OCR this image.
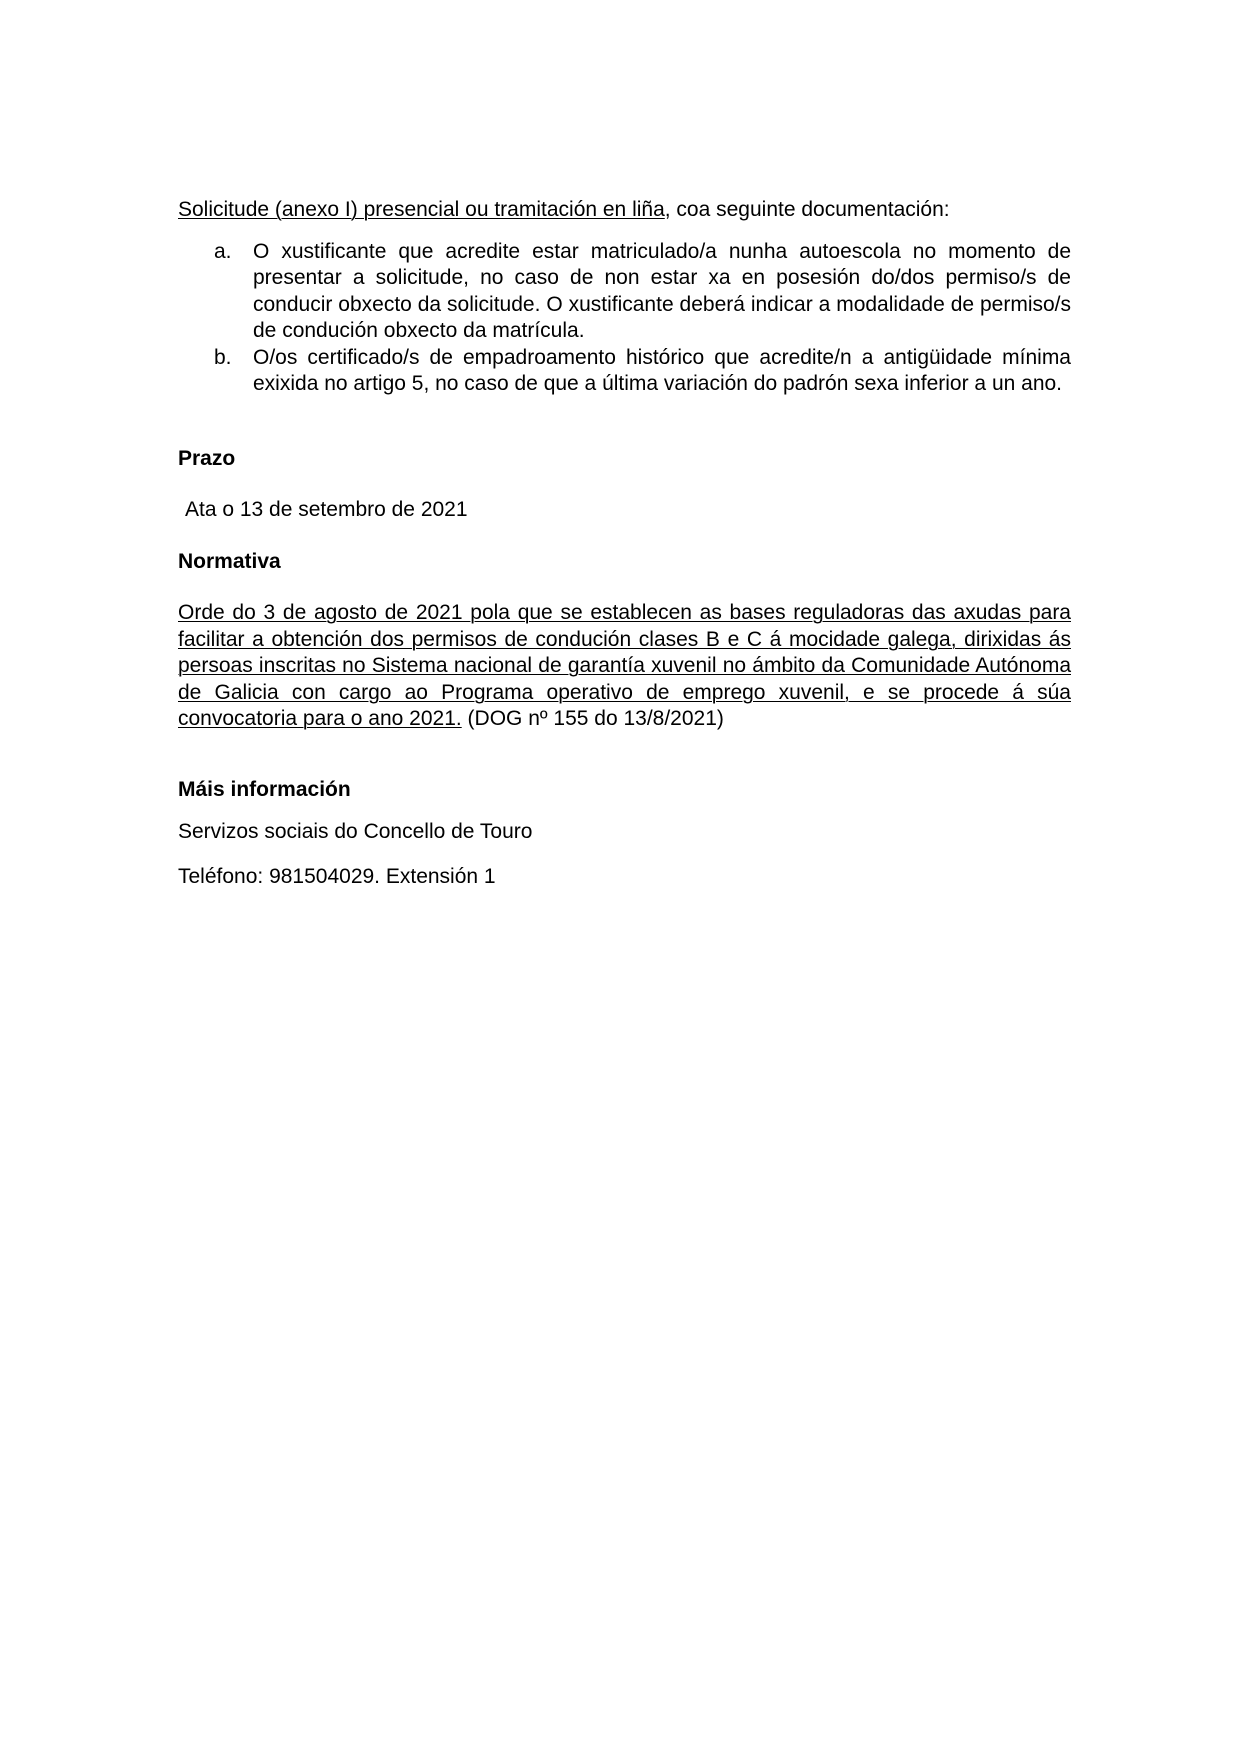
Solicitude (anexo I) presencial ou tramitación en liña, coa seguinte documentación:

a. O xustificante que acredite estar matriculado/a nunha autoescola no momento de presentar a solicitude, no caso de non estar xa en posesión do/dos permiso/s de conducir obxecto da solicitude. O xustificante deberá indicar a modalidade de permiso/s de condución obxecto da matrícula.
b. O/os certificado/s de empadroamento histórico que acredite/n a antigüidade mínima exixida no artigo 5, no caso de que a última variación do padrón sexa inferior a un ano.
Prazo

Ata o 13 de setembro de 2021

Normativa

Orde do 3 de agosto de 2021 pola que se establecen as bases reguladoras das axudas para facilitar a obtención dos permisos de condución clases B e C á mocidade galega, dirixidas ás persoas inscritas no Sistema nacional de garantía xuvenil no ámbito da Comunidade Autónoma de Galicia con cargo ao Programa operativo de emprego xuvenil, e se procede á súa convocatoria para o ano 2021. (DOG nº 155 do 13/8/2021)

Máis información

Servizos sociais do Concello de Touro

Teléfono: 981504029. Extensión 1
